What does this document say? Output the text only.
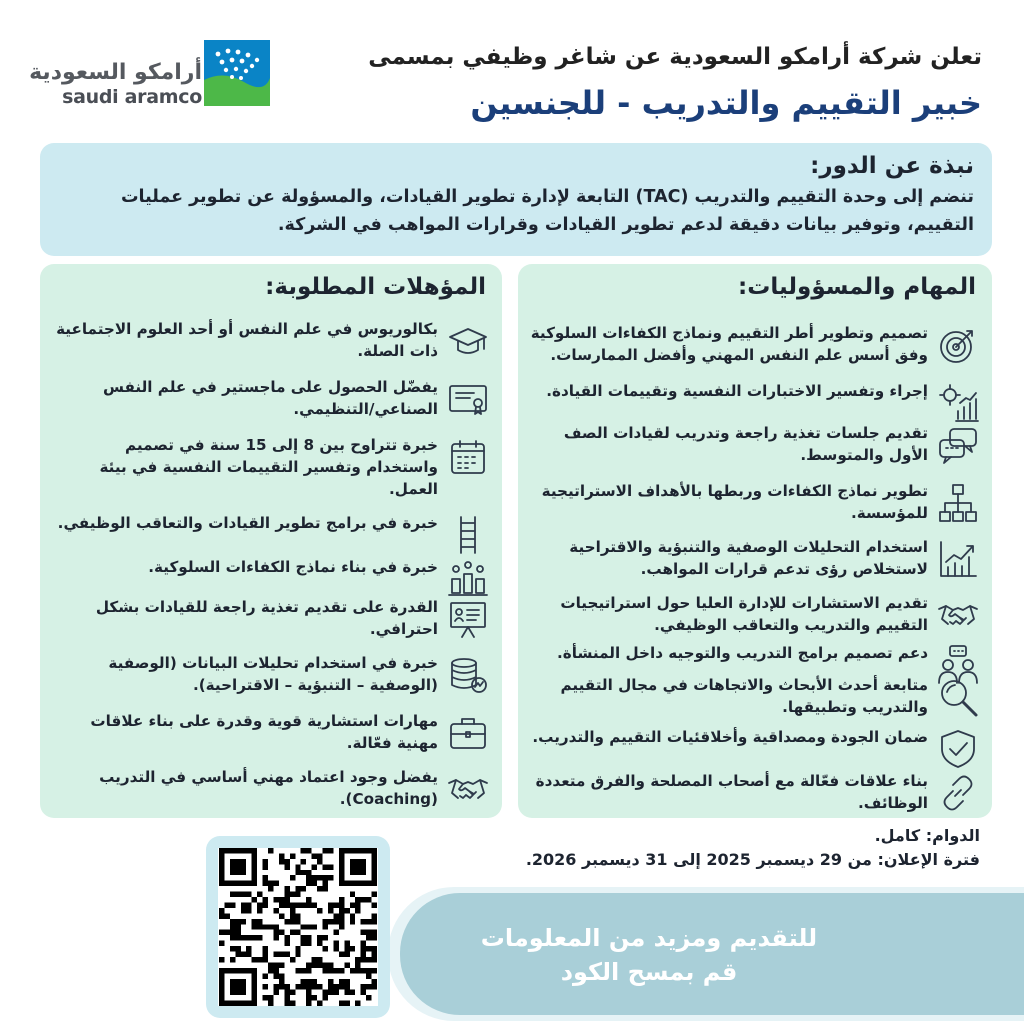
أرامكو السعودية
saudi aramco
تعلن شركة أرامكو السعودية عن شاغر وظيفي بمسمى
خبير التقييم والتدريب - للجنسين
نبذة عن الدور:
تنضم إلى وحدة التقييم والتدريب (TAC) التابعة لإدارة تطوير القيادات، والمسؤولة عن تطوير عمليات التقييم، وتوفير بيانات دقيقة لدعم تطوير القيادات وقرارات المواهب في الشركة.
المؤهلات المطلوبة:
بكالوريوس في علم النفس أو أحد العلوم الاجتماعية ذات الصلة.
يفضّل الحصول على ماجستير في علم النفس الصناعي/التنظيمي.
خبرة تتراوح بين 8 إلى 15 سنة في تصميم واستخدام وتفسير التقييمات النفسية في بيئة العمل.
خبرة في برامج تطوير القيادات والتعاقب الوظيفي.
خبرة في بناء نماذج الكفاءات السلوكية.
القدرة على تقديم تغذية راجعة للقيادات بشكل احترافي.
خبرة في استخدام تحليلات البيانات (الوصفية (الوصفية – التنبؤية – الاقتراحية).
مهارات استشارية قوية وقدرة على بناء علاقات مهنية فعّالة.
يفضل وجود اعتماد مهني أساسي في التدريب (Coaching).
المهام والمسؤوليات:
تصميم وتطوير أطر التقييم ونماذج الكفاءات السلوكية وفق أسس علم النفس المهني وأفضل الممارسات.
إجراء وتفسير الاختبارات النفسية وتقييمات القيادة.
تقديم جلسات تغذية راجعة وتدريب لقيادات الصف الأول والمتوسط.
تطوير نماذج الكفاءات وربطها بالأهداف الاستراتيجية للمؤسسة.
استخدام التحليلات الوصفية والتنبؤية والاقتراحية لاستخلاص رؤى تدعم قرارات المواهب.
تقديم الاستشارات للإدارة العليا حول استراتيجيات التقييم والتدريب والتعاقب الوظيفي.
دعم تصميم برامج التدريب والتوجيه داخل المنشأة.
متابعة أحدث الأبحاث والاتجاهات في مجال التقييم والتدريب وتطبيقها.
ضمان الجودة ومصداقية وأخلاقئيات التقييم والتدريب.
بناء علاقات فعّالة مع أصحاب المصلحة والفرق متعددة الوظائف.
الدوام: كامل.
فترة الإعلان: من 29 ديسمبر 2025 إلى 31 ديسمبر 2026.
للتقديم ومزيد من المعلومات
قم بمسح الكود
